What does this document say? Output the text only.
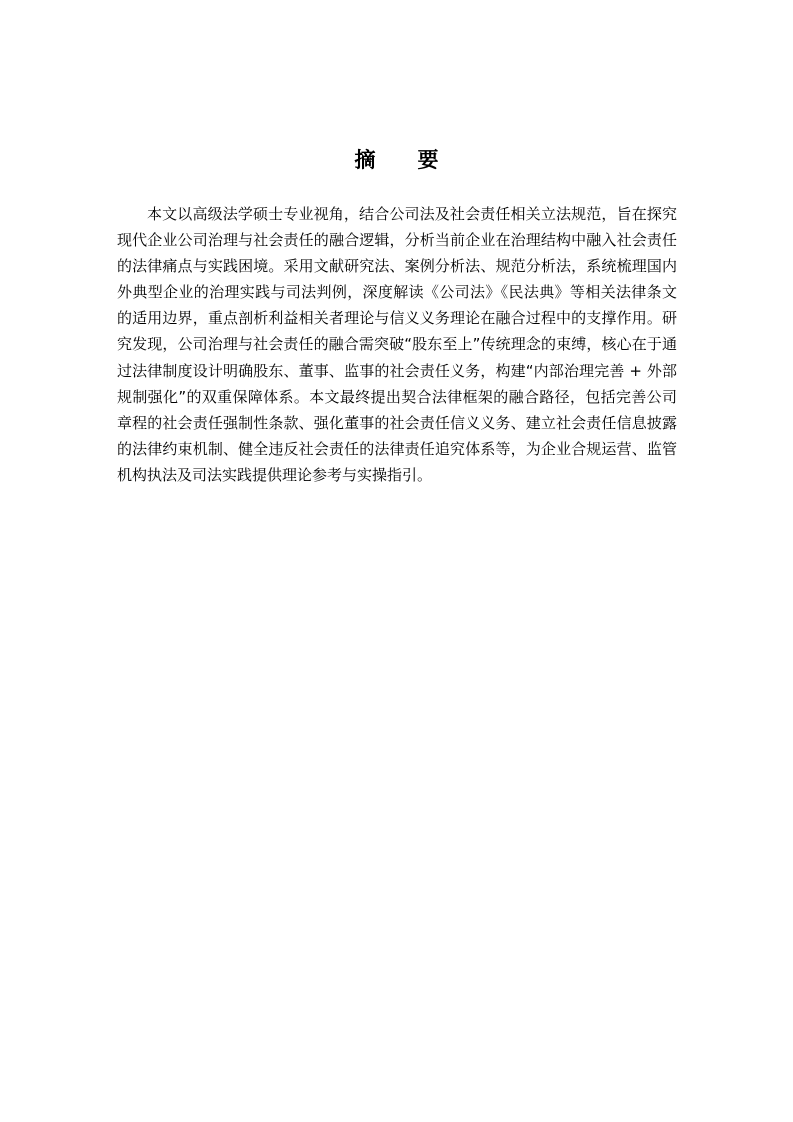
摘 要

本文以高级法学硕士专业视角，结合公司法及社会责任相关立法规范，旨在探究现代企业公司治理与社会责任的融合逻辑，分析当前企业在治理结构中融入社会责任的法律痛点与实践困境。采用文献研究法、案例分析法、规范分析法，系统梳理国内外典型企业的治理实践与司法判例，深度解读《公司法》《民法典》等相关法律条文的适用边界，重点剖析利益相关者理论与信义义务理论在融合过程中的支撑作用。研究发现，公司治理与社会责任的融合需突破“股东至上”传统理念的束缚，核心在于通过法律制度设计明确股东、董事、监事的社会责任义务，构建“内部治理完善 + 外部规制强化”的双重保障体系。本文最终提出契合法律框架的融合路径，包括完善公司章程的社会责任强制性条款、强化董事的社会责任信义义务、建立社会责任信息披露的法律约束机制、健全违反社会责任的法律责任追究体系等，为企业合规运营、监管机构执法及司法实践提供理论参考与实操指引。
